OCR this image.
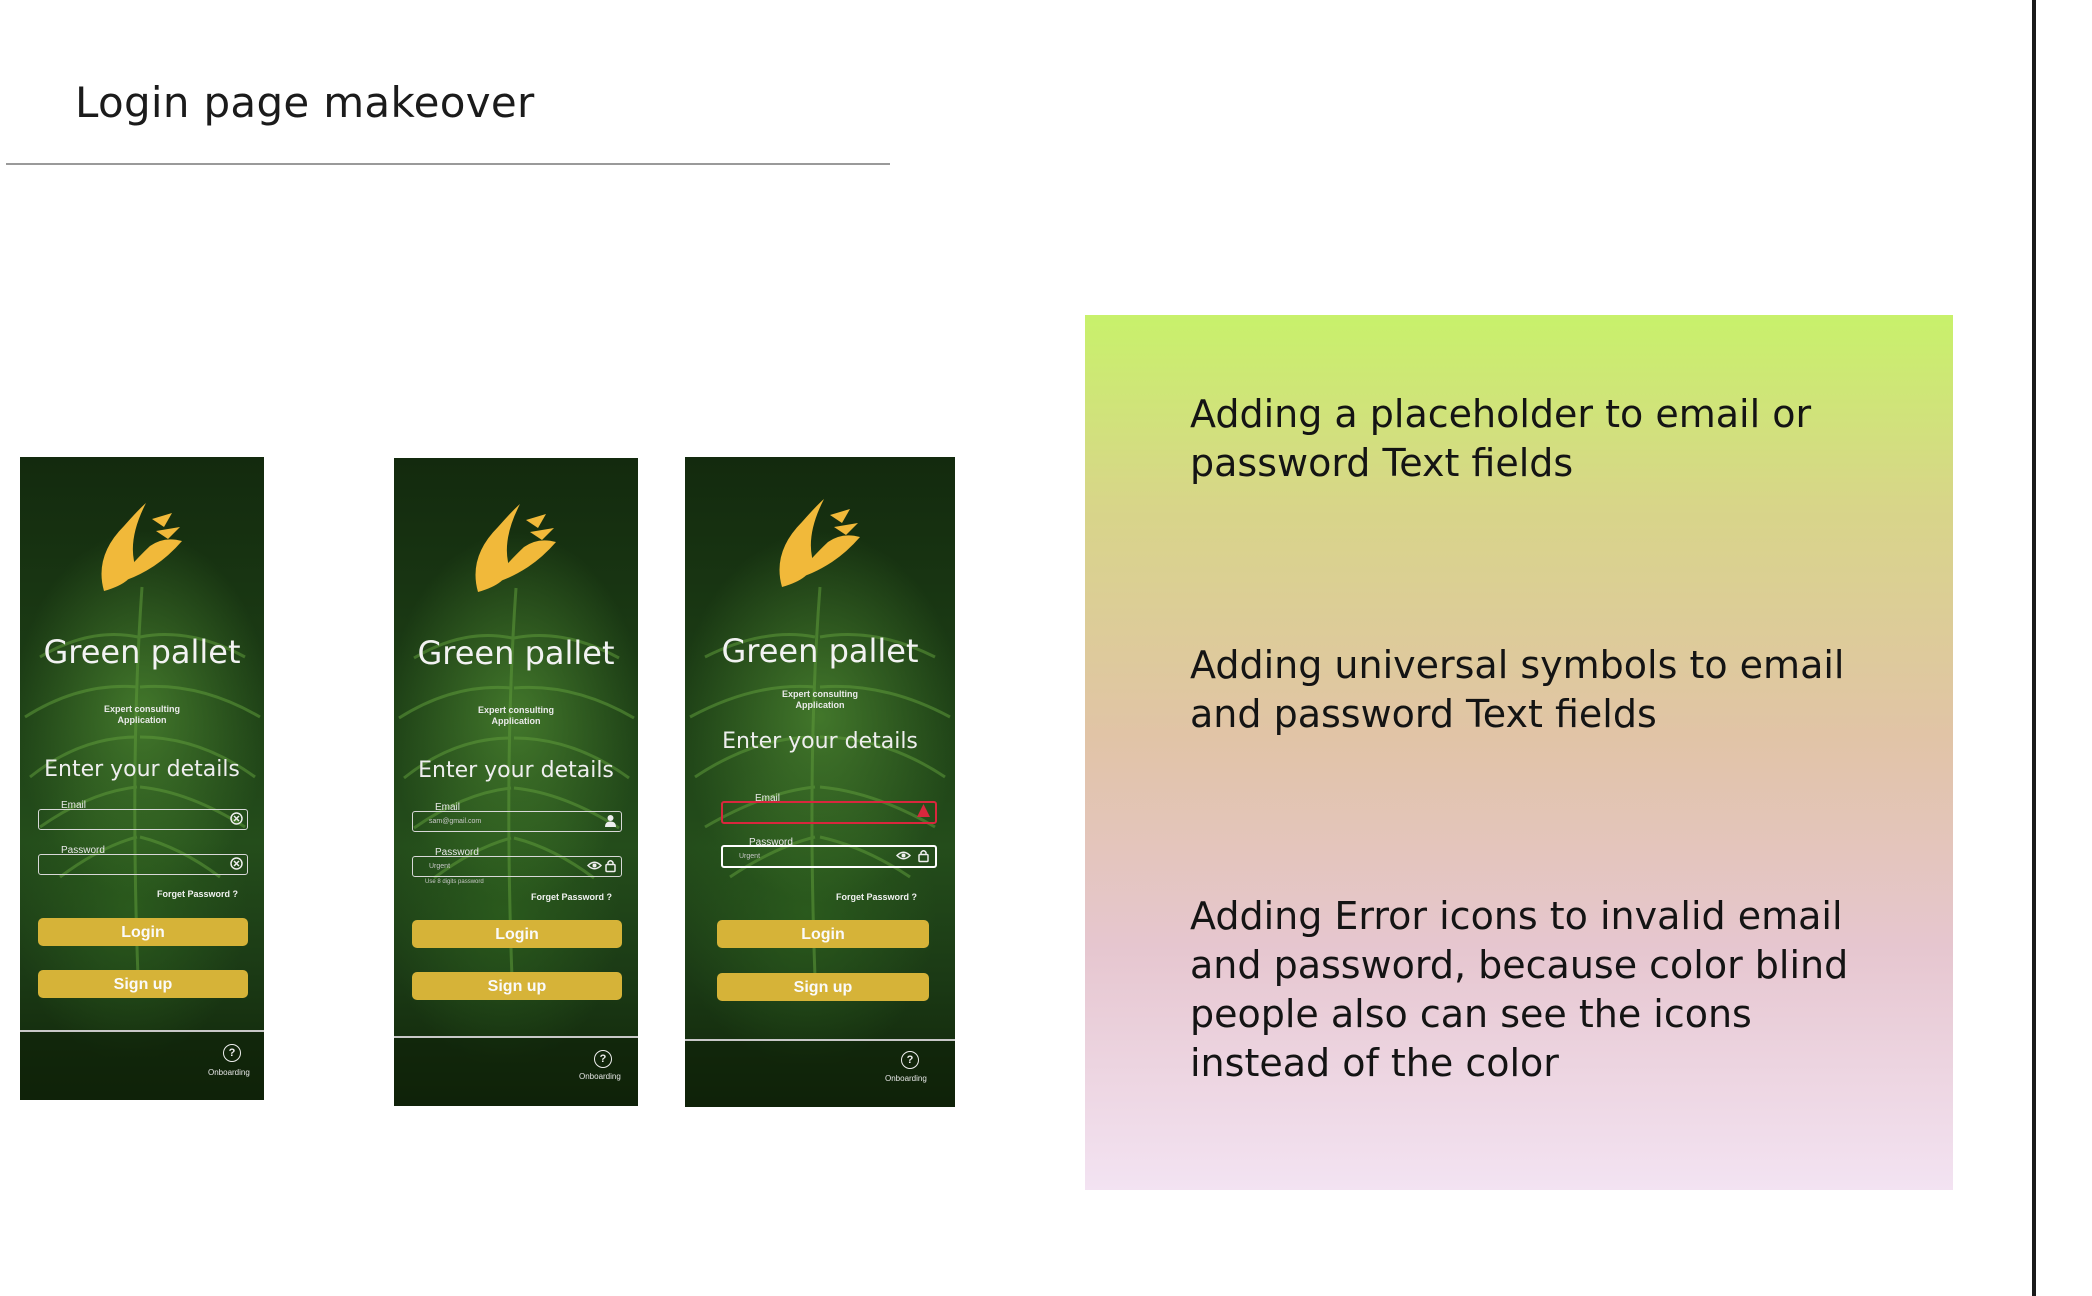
Login page makeover
Green pallet
Expert consulting Application
Enter your details
Email
Password
Forget Password ?
Login
Sign up
?
Onboarding
Green pallet
Expert consulting Application
Enter your details
Email
sam@gmail.com
Password
Urgent
Use 8 digits password
Forget Password ?
Login
Sign up
?
Onboarding
Green pallet
Expert consulting Application
Enter your details
Email
Password
Urgent
Forget Password ?
Login
Sign up
?
Onboarding
Adding a placeholder to email or password Text fields
Adding universal symbols to email and password Text fields
Adding Error icons to invalid email and password, because color blind people also can see the icons instead of the color
